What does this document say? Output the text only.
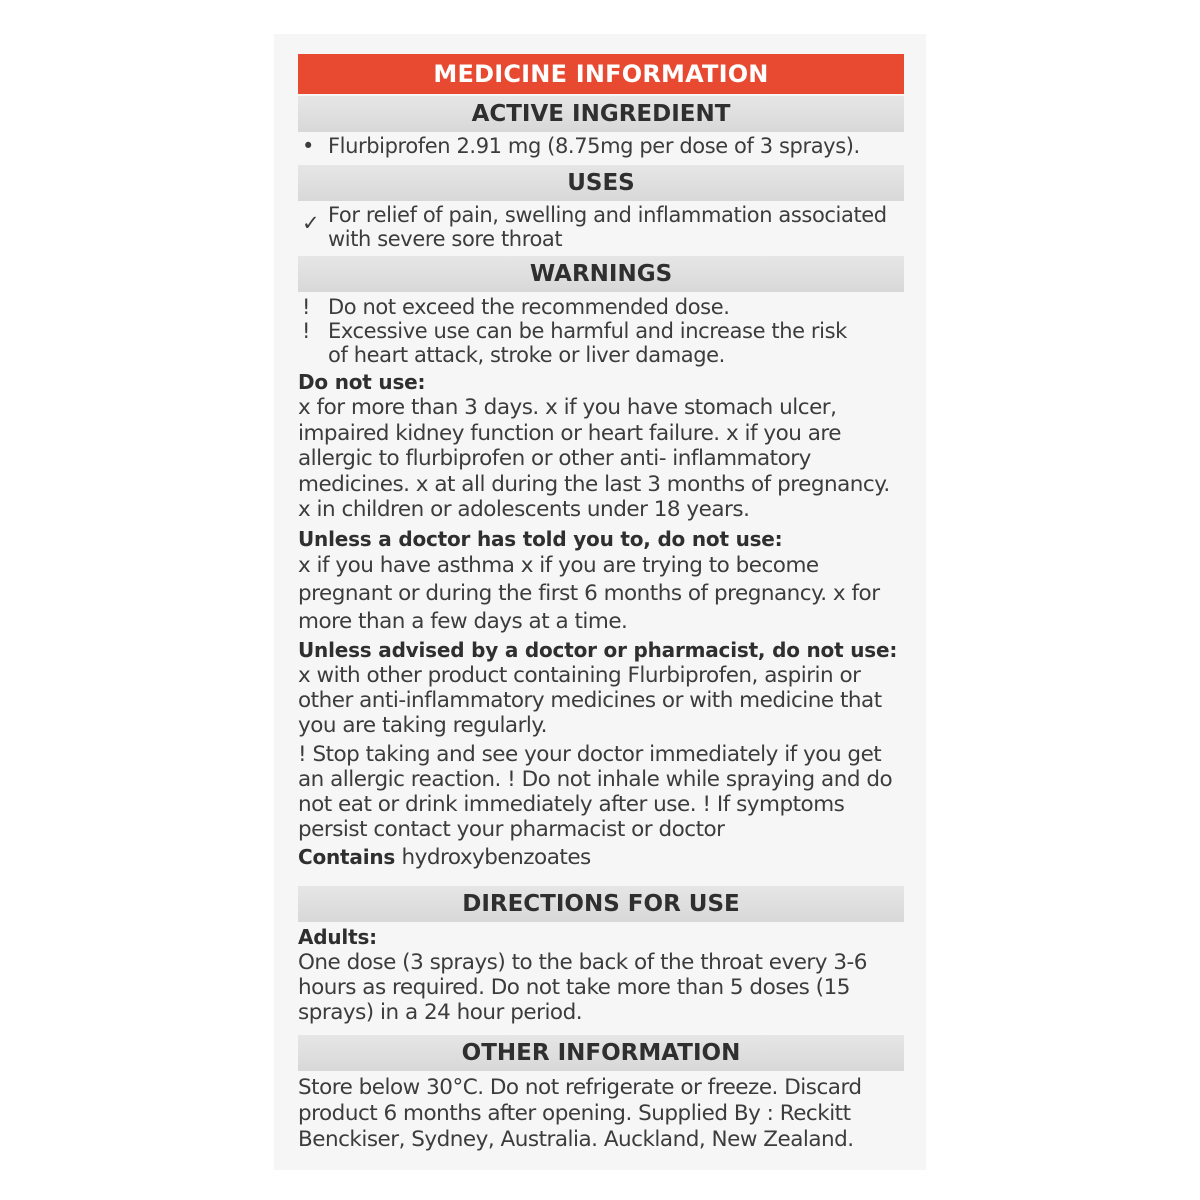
MEDICINE INFORMATION
ACTIVE INGREDIENT
• Flurbiprofen 2.91 mg (8.75mg per dose of 3 sprays).
USES
✓ For relief of pain, swelling and inflammation associated with severe sore throat
WARNINGS
! Do not exceed the recommended dose.
! Excessive use can be harmful and increase the risk of heart attack, stroke or liver damage.
Do not use:

x for more than 3 days. x if you have stomach ulcer, impaired kidney function or heart failure. x if you are allergic to flurbiprofen or other anti- inflammatory medicines. x at all during the last 3 months of pregnancy. x in children or adolescents under 18 years.

Unless a doctor has told you to, do not use:

x if you have asthma x if you are trying to become pregnant or during the first 6 months of pregnancy. x for more than a few days at a time.

Unless advised by a doctor or pharmacist, do not use:

x with other product containing Flurbiprofen, aspirin or other anti-inflammatory medicines or with medicine that you are taking regularly.

! Stop taking and see your doctor immediately if you get an allergic reaction. ! Do not inhale while spraying and do not eat or drink immediately after use. ! If symptoms persist contact your pharmacist or doctor

Contains hydroxybenzoates
DIRECTIONS FOR USE
Adults:

One dose (3 sprays) to the back of the throat every 3-6 hours as required. Do not take more than 5 doses (15 sprays) in a 24 hour period.

OTHER INFORMATION

Store below 30°C. Do not refrigerate or freeze. Discard product 6 months after opening. Supplied By : Reckitt Benckiser, Sydney, Australia. Auckland, New Zealand.
